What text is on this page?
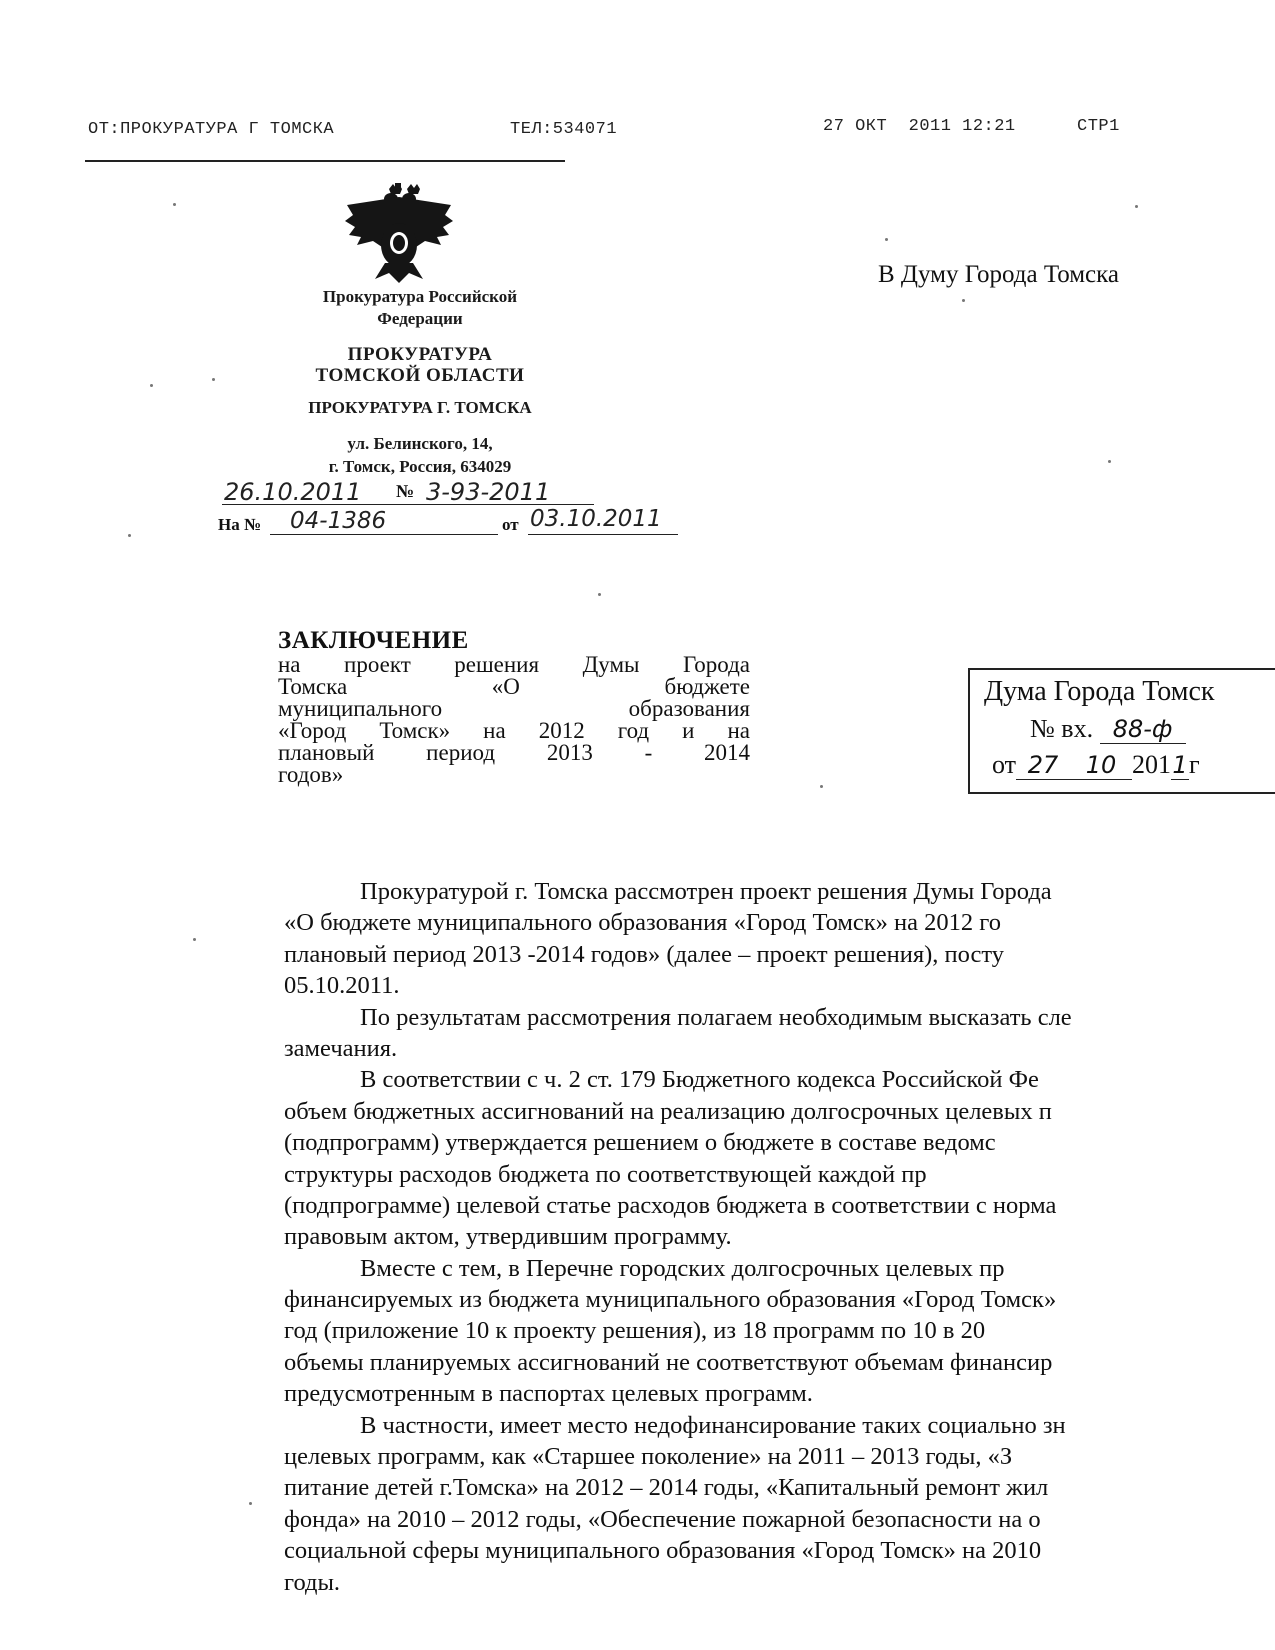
ОТ:ПРОКУРАТУРА Г ТОМСКА	ТЕЛ:534071	27 ОКТ  2011 12:21	СТР1
Прокуратура Российской
Федерации
ПРОКУРАТУРА
ТОМСКОЙ ОБЛАСТИ
ПРОКУРАТУРА Г. ТОМСКА
ул. Белинского, 14,
г. Томск, Россия, 634029
26.10.2011 № 3-93-2011
На № 04-1386	от 03.10.2011
В Думу Города Томска
ЗАКЛЮЧЕНИЕ
на проект решения Думы Города
Томска «О бюджете
муниципального образования
«Город Томск» на 2012 год и на
плановый период 2013 - 2014
годов»
Дума Города Томск
№ вх. 88-ф
от 27 10 2011г
Прокуратурой г. Томска рассмотрен проект решения Думы Города
«О бюджете муниципального образования «Город Томск» на 2012 го
плановый период 2013 -2014 годов» (далее – проект решения), посту
05.10.2011.
По результатам рассмотрения полагаем необходимым высказать сле
замечания.
В соответствии с ч. 2 ст. 179 Бюджетного кодекса Российской Фе
объем бюджетных ассигнований на реализацию долгосрочных целевых п
(подпрограмм) утверждается решением о бюджете в составе ведомс
структуры расходов бюджета по соответствующей каждой пр
(подпрограмме) целевой статье расходов бюджета в соответствии с норма
правовым актом, утвердившим программу.
Вместе с тем, в Перечне городских долгосрочных целевых пр
финансируемых из бюджета муниципального образования «Город Томск»
год (приложение 10 к проекту решения), из 18 программ по 10 в 20
объемы планируемых ассигнований не соответствуют объемам финансир
предусмотренным в паспортах целевых программ.
В частности, имеет место недофинансирование таких социально зн
целевых программ, как «Старшее поколение» на 2011 – 2013 годы, «З
питание детей г.Томска» на 2012 – 2014 годы, «Капитальный ремонт жил
фонда» на 2010 – 2012 годы, «Обеспечение пожарной безопасности на о
социальной сферы муниципального образования «Город Томск» на 2010
годы.
